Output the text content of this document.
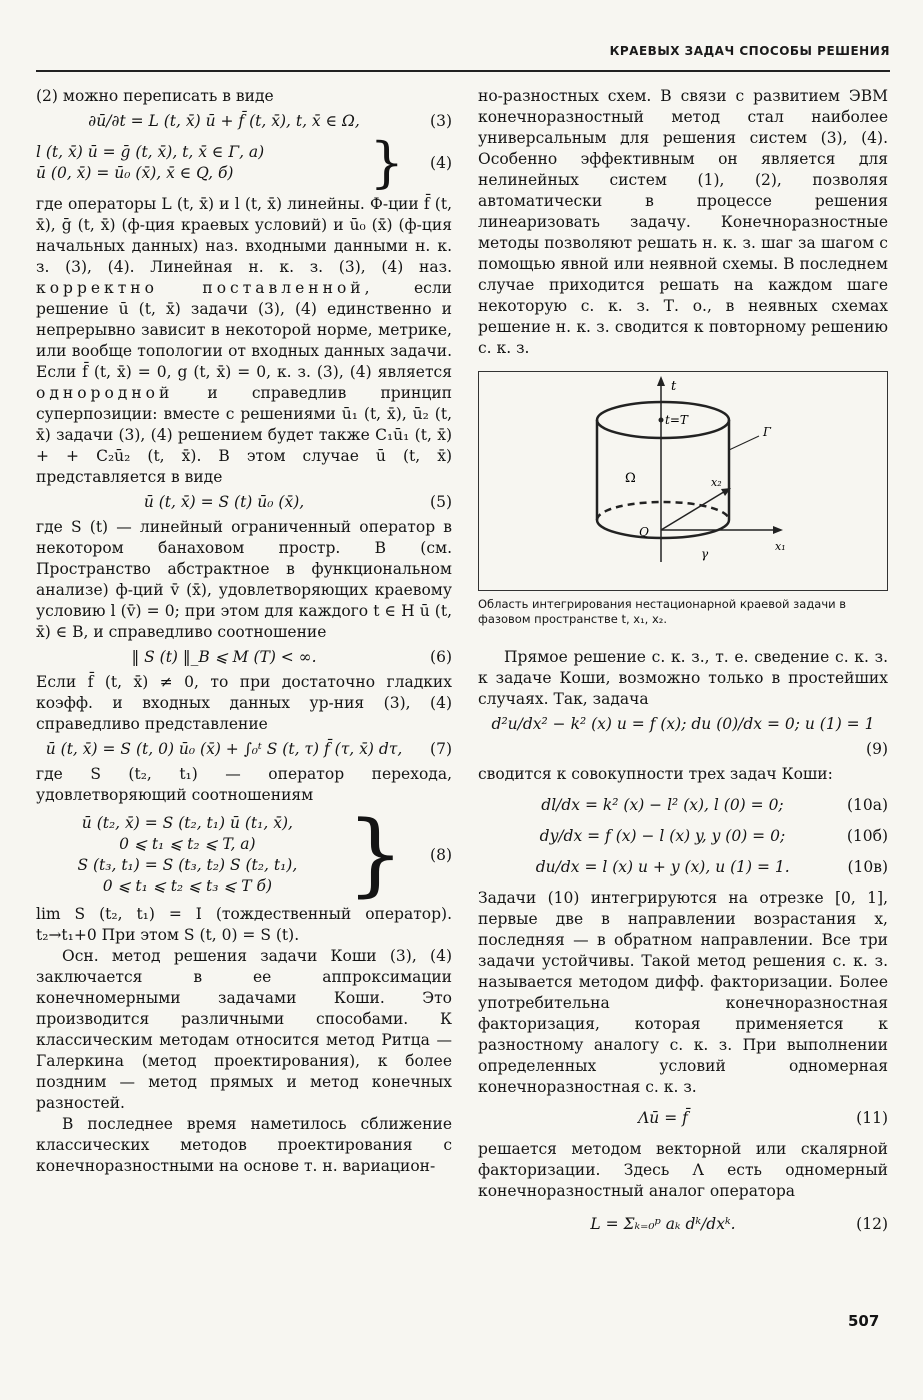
КРАЕВЫХ ЗАДАЧ СПОСОБЫ РЕШЕНИЯ

(2) можно переписать в виде

∂ū/∂t = L (t, x̄) ū + f̄ (t, x̄), t, x̄ ∈ Ω,	(3)
l (t, x̄) ū = ḡ (t, x̄), t, x̄ ∈ Γ, а)
ū (0, x̄) = ū₀ (x̄), x̄ ∈ Q, б)	}	(4)

где операторы L (t, x̄) и l (t, x̄) линейны. Ф-ции f̄ (t, x̄), ḡ (t, x̄) (ф-ция краевых условий) и ū₀ (x̄) (ф-ция начальных данных) наз. входными данными н. к. з. (3), (4). Линейная н. к. з. (3), (4) наз. корректно поставленной, если решение ū (t, x̄) задачи (3), (4) единственно и непрерывно зависит в некоторой норме, метрике, или вообще топологии от входных данных задачи. Если f̄ (t, x̄) = 0, g (t, x̄) = 0, к. з. (3), (4) является однородной и справедлив принцип суперпозиции: вместе с решениями ū₁ (t, x̄), ū₂ (t, x̄) задачи (3), (4) решением будет также C₁ū₁ (t, x̄) + + C₂ū₂ (t, x̄). В этом случае ū (t, x̄) представляется в виде

ū (t, x̄) = S (t) ū₀ (x̄),	(5)

где S (t) — линейный ограниченный оператор в некотором банаховом простр. B (см. Пространство абстрактное в функциональном анализе) ф-ций v̄ (x̄), удовлетворяющих краевому условию l (v̄) = 0; при этом для каждого t ∈ H ū (t, x̄) ∈ B, и справедливо соотношение

‖ S (t) ‖_B ⩽ M (T) < ∞.	(6)

Если f̄ (t, x̄) ≠ 0, то при достаточно гладких коэфф. и входных данных ур-ния (3), (4) справедливо представление

ū (t, x̄) = S (t, 0) ū₀ (x̄) + ∫₀ᵗ S (t, τ) f̄ (τ, x̄) dτ,	(7)

где S (t₂, t₁) — оператор перехода, удовлетворяющий соотношениям

ū (t₂, x̄) = S (t₂, t₁) ū (t₁, x̄),
0 ⩽ t₁ ⩽ t₂ ⩽ T, а)
S (t₃, t₁) = S (t₃, t₂) S (t₂, t₁),
0 ⩽ t₁ ⩽ t₂ ⩽ t₃ ⩽ T б) }	(8)

lim S (t₂, t₁) = I (тождественный оператор). t₂→t₁+0 При этом S (t, 0) = S (t).

Осн. метод решения задачи Коши (3), (4) заключается в ее аппроксимации конечномерными задачами Коши. Это производится различными способами. К классическим методам относится метод Ритца — Галеркина (метод проектирования), к более поздним — метод прямых и метод конечных разностей.

В последнее время наметилось сближение классических методов проектирования с конечноразностными на основе т. н. вариацион-

но-разностных схем. В связи с развитием ЭВМ конечноразностный метод стал наиболее универсальным для решения систем (3), (4). Особенно эффективным он является для нелинейных систем (1), (2), позволяя автоматически в процессе решения линеаризовать задачу. Конечноразностные методы позволяют решать н. к. з. шаг за шагом с помощью явной или неявной схемы. В последнем случае приходится решать на каждом шаге некоторую с. к. з. Т. о., в неявных схемах решение н. к. з. сводится к повторному решению с. к. з.

t
t=T
Г
Ω	x₂
Q
x₁
γ

Область интегрирования нестационарной краевой задачи в фазовом пространстве t, x₁, x₂.

Прямое решение с. к. з., т. е. сведение с. к. з. к задаче Коши, возможно только в простейших случаях. Так, задача

d²u/dx² − k² (x) u = f (x); du (0)/dx = 0; u (1) = 1
(9)

сводится к совокупности трех задач Коши:

dl/dx = k² (x) − l² (x), l (0) = 0;	(10а)
dy/dx = f (x) − l (x) y, y (0) = 0;	(10б)
du/dx = l (x) u + y (x), u (1) = 1.	(10в)

Задачи (10) интегрируются на отрезке [0, 1], первые две в направлении возрастания x, последняя — в обратном направлении. Все три задачи устойчивы. Такой метод решения с. к. з. называется методом дифф. факторизации. Более употребительна конечноразностная факторизация, которая применяется к разностному аналогу с. к. з. При выполнении определенных условий одномерная конечноразностная с. к. з.

Λū = f̄	(11)

решается методом векторной или скалярной факторизации. Здесь Λ есть одномерный конечноразностный аналог оператора

L = Σₖ₌₀ᵖ aₖ dᵏ/dxᵏ.	(12)
507
